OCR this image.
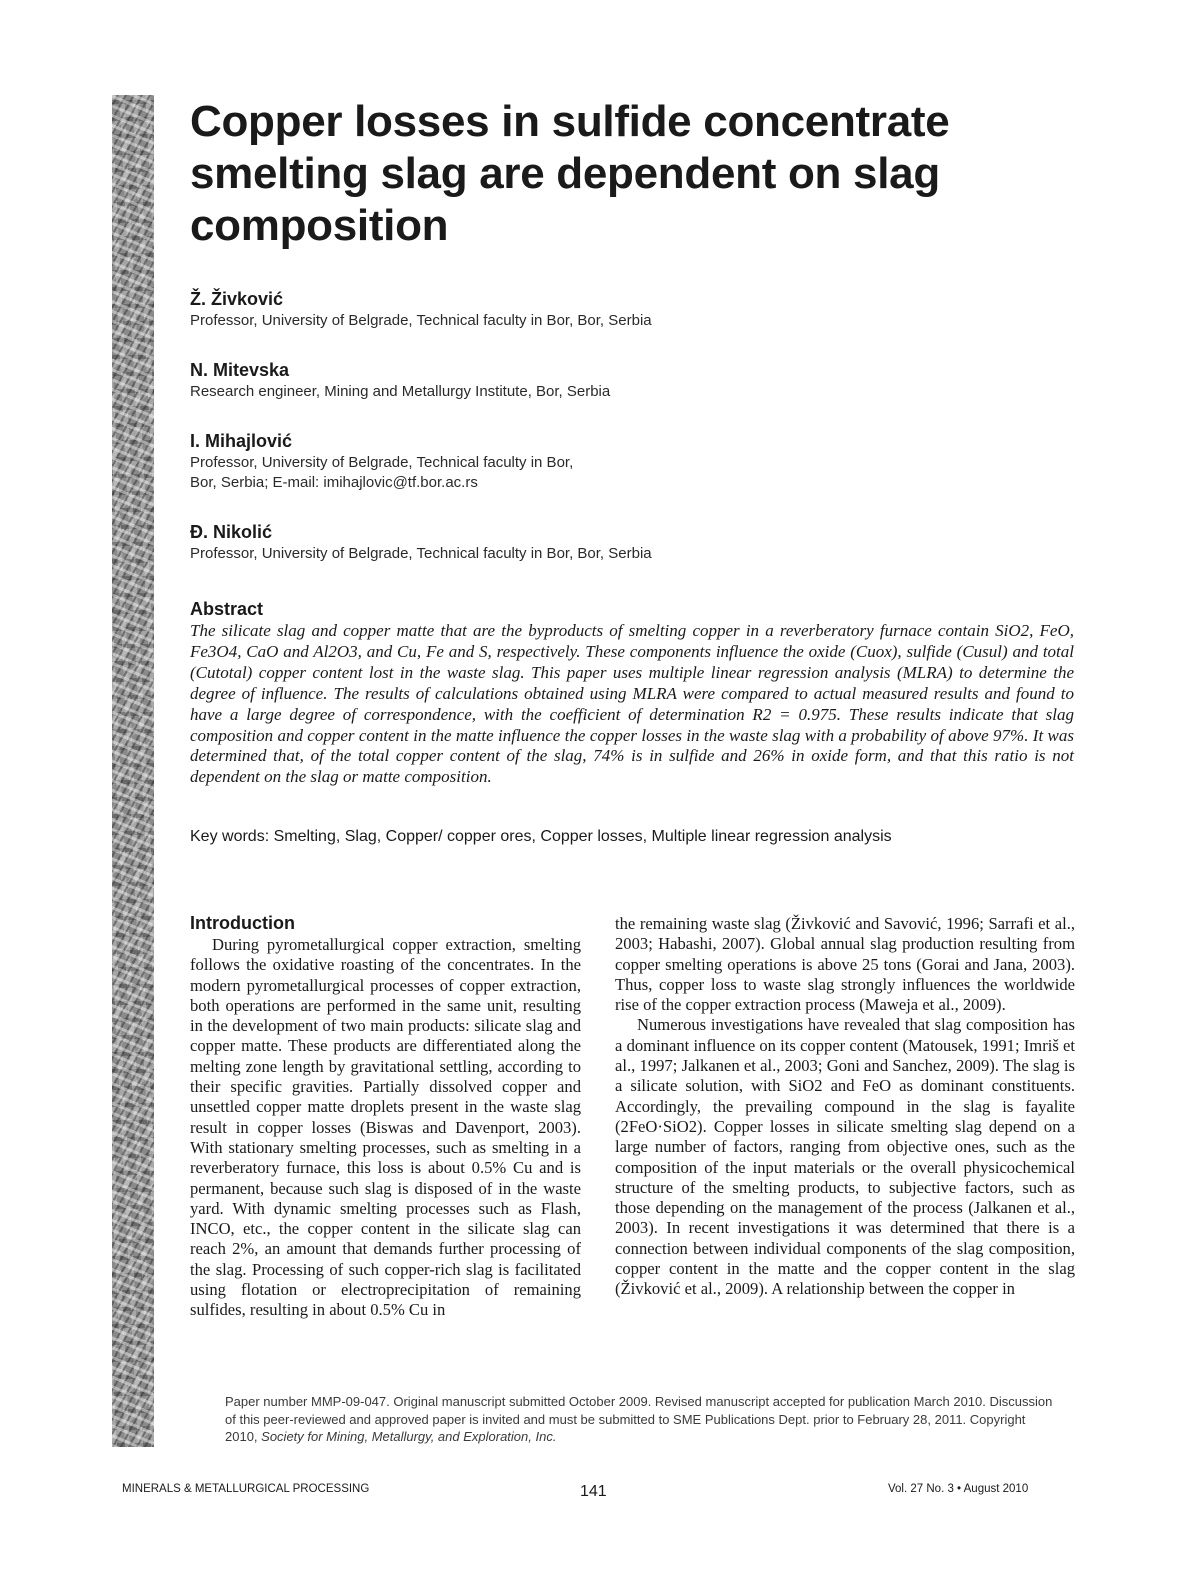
Copper losses in sulfide concentrate smelting slag are dependent on slag composition
Ž. Živković
Professor, University of Belgrade, Technical faculty in Bor, Bor, Serbia
N. Mitevska
Research engineer, Mining and Metallurgy Institute, Bor, Serbia
I. Mihajlović
Professor, University of Belgrade, Technical faculty in Bor,
Bor, Serbia; E-mail: imihajlovic@tf.bor.ac.rs
Đ. Nikolić
Professor, University of Belgrade, Technical faculty in Bor, Bor, Serbia
Abstract

The silicate slag and copper matte that are the byproducts of smelting copper in a reverberatory furnace contain SiO2, FeO, Fe3O4, CaO and Al2O3, and Cu, Fe and S, respectively. These components influence the oxide (Cuox), sulfide (Cusul) and total (Cutotal) copper content lost in the waste slag. This paper uses multiple linear regression analysis (MLRA) to determine the degree of influence. The results of calculations obtained using MLRA were compared to actual measured results and found to have a large degree of correspondence, with the coefficient of determination R2 = 0.975. These results indicate that slag composition and copper content in the matte influence the copper losses in the waste slag with a probability of above 97%. It was determined that, of the total copper content of the slag, 74% is in sulfide and 26% in oxide form, and that this ratio is not dependent on the slag or matte composition.

Key words: Smelting, Slag, Copper/ copper ores, Copper losses, Multiple linear regression analysis

Introduction

During pyrometallurgical copper extraction, smelting follows the oxidative roasting of the concentrates. In the modern pyrometallurgical processes of copper extraction, both operations are performed in the same unit, resulting in the development of two main products: silicate slag and copper matte. These products are differentiated along the melting zone length by gravitational settling, according to their specific gravities. Partially dissolved copper and unsettled copper matte droplets present in the waste slag result in copper losses (Biswas and Davenport, 2003). With stationary smelting processes, such as smelting in a reverberatory furnace, this loss is about 0.5% Cu and is permanent, because such slag is disposed of in the waste yard. With dynamic smelting processes such as Flash, INCO, etc., the copper content in the silicate slag can reach 2%, an amount that demands further processing of the slag. Processing of such copper-rich slag is facilitated using flotation or electroprecipitation of remaining sulfides, resulting in about 0.5% Cu in

the remaining waste slag (Živković and Savović, 1996; Sarrafi et al., 2003; Habashi, 2007). Global annual slag production resulting from copper smelting operations is above 25 tons (Gorai and Jana, 2003). Thus, copper loss to waste slag strongly influences the worldwide rise of the copper extraction process (Maweja et al., 2009).

Numerous investigations have revealed that slag composition has a dominant influence on its copper content (Matousek, 1991; Imriš et al., 1997; Jalkanen et al., 2003; Goni and Sanchez, 2009). The slag is a silicate solution, with SiO2 and FeO as dominant constituents. Accordingly, the prevailing compound in the slag is fayalite (2FeO·SiO2). Copper losses in silicate smelting slag depend on a large number of factors, ranging from objective ones, such as the composition of the input materials or the overall physicochemical structure of the smelting products, to subjective factors, such as those depending on the management of the process (Jalkanen et al., 2003). In recent investigations it was determined that there is a connection between individual components of the slag composition, copper content in the matte and the copper content in the slag (Živković et al., 2009). A relationship between the copper in

Paper number MMP-09-047. Original manuscript submitted October 2009. Revised manuscript accepted for publication March 2010. Discussion of this peer-reviewed and approved paper is invited and must be submitted to SME Publications Dept. prior to February 28, 2011. Copyright 2010, Society for Mining, Metallurgy, and Exploration, Inc.

MINERALS & METALLURGICAL PROCESSING	141	Vol. 27 No. 3 • August 2010
